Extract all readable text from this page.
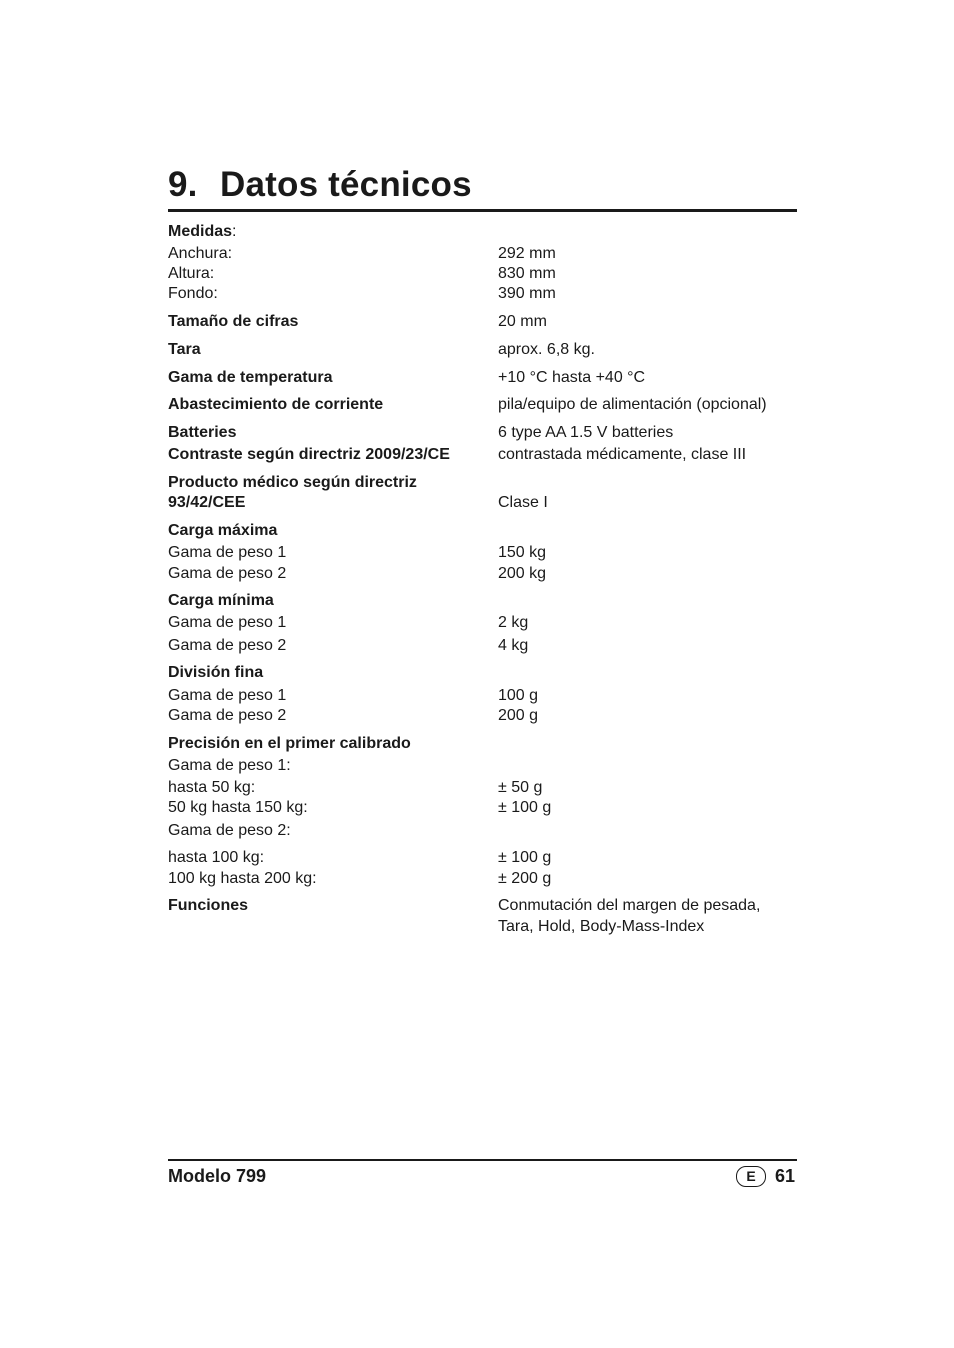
9. Datos técnicos
Medidas:
Anchura:	292 mm
Altura:	830 mm
Fondo:	390 mm
Tamaño de cifras	20 mm
Tara	aprox. 6,8 kg.
Gama de temperatura	+10 °C hasta +40 °C
Abastecimiento de corriente	pila/equipo de alimentación (opcional)
Batteries	6 type AA 1.5 V batteries
Contraste según directriz 2009/23/CE	contrastada médicamente, clase III
Producto médico según directriz
93/42/CEE	Clase I
Carga máxima
Gama de peso 1	150 kg
Gama de peso 2	200 kg
Carga mínima
Gama de peso 1	2 kg
Gama de peso 2	4 kg
División fina
Gama de peso 1	100 g
Gama de peso 2	200 g
Precisión en el primer calibrado
Gama de peso 1:
hasta 50 kg:	± 50 g
50 kg hasta 150 kg:	± 100 g
Gama de peso 2:
hasta 100 kg:	± 100 g
100 kg hasta 200 kg:	± 200 g
Funciones	Conmutación del margen de pesada,
Tara, Hold, Body-Mass-Index
Modelo 799	E	61
